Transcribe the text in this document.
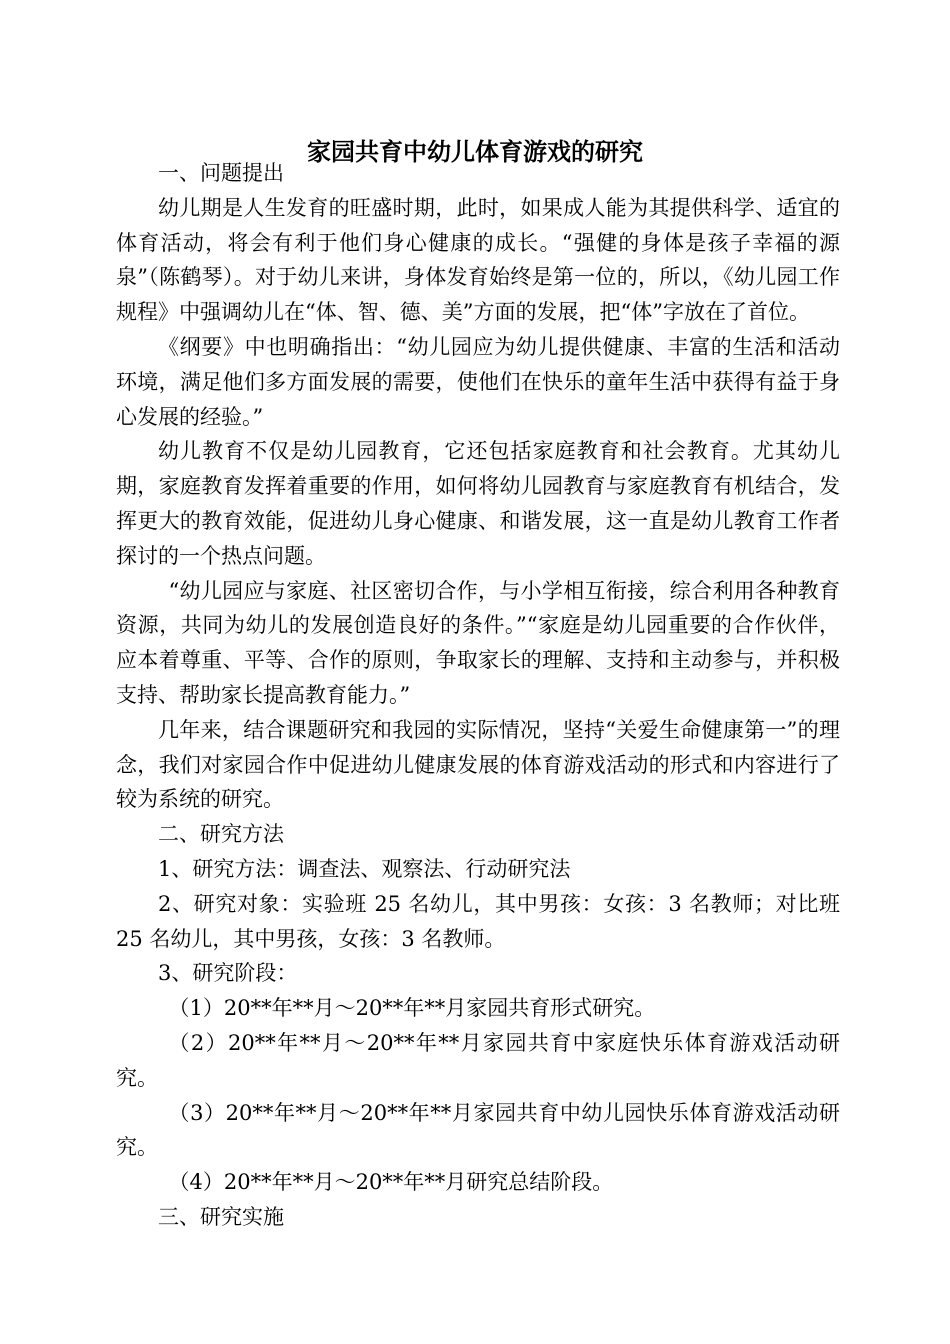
家园共育中幼儿体育游戏的研究

一、问题提出

幼儿期是人生发育的旺盛时期，此时，如果成人能为其提供科学、适宜的体育活动，将会有利于他们身心健康的成长。“强健的身体是孩子幸福的源泉”（陈鹤琴）。对于幼儿来讲，身体发育始终是第一位的，所以，《幼儿园工作规程》中强调幼儿在“体、智、德、美”方面的发展，把“体”字放在了首位。

《纲要》中也明确指出：“幼儿园应为幼儿提供健康、丰富的生活和活动环境，满足他们多方面发展的需要，使他们在快乐的童年生活中获得有益于身心发展的经验。”

幼儿教育不仅是幼儿园教育，它还包括家庭教育和社会教育。尤其幼儿期，家庭教育发挥着重要的作用，如何将幼儿园教育与家庭教育有机结合，发挥更大的教育效能，促进幼儿身心健康、和谐发展，这一直是幼儿教育工作者探讨的一个热点问题。

“幼儿园应与家庭、社区密切合作，与小学相互衔接，综合利用各种教育资源，共同为幼儿的发展创造良好的条件。”“家庭是幼儿园重要的合作伙伴，应本着尊重、平等、合作的原则，争取家长的理解、支持和主动参与，并积极支持、帮助家长提高教育能力。”

几年来，结合课题研究和我园的实际情况，坚持“关爱生命健康第一”的理念，我们对家园合作中促进幼儿健康发展的体育游戏活动的形式和内容进行了较为系统的研究。

二、研究方法

1、研究方法：调查法、观察法、行动研究法

2、研究对象：实验班 25 名幼儿，其中男孩：女孩：3 名教师；对比班 25 名幼儿，其中男孩，女孩：3 名教师。

3、研究阶段：

（1）20**年**月～20**年**月家园共育形式研究。

（2）20**年**月～20**年**月家园共育中家庭快乐体育游戏活动研究。

（3）20**年**月～20**年**月家园共育中幼儿园快乐体育游戏活动研究。

（4）20**年**月～20**年**月研究总结阶段。

三、研究实施
